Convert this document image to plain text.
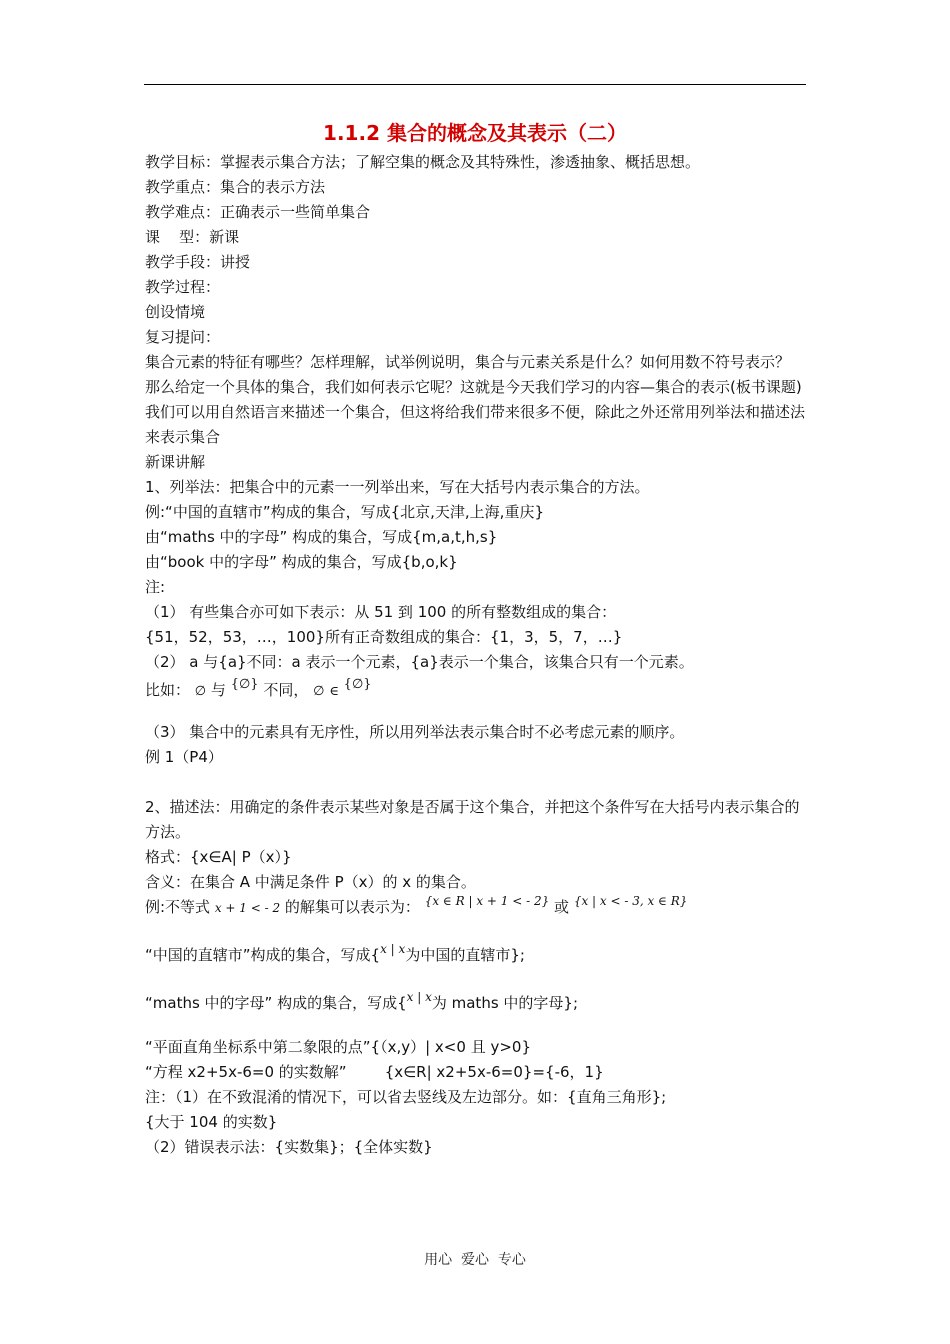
1.1.2 集合的概念及其表示（二）
教学目标：掌握表示集合方法；了解空集的概念及其特殊性，渗透抽象、概括思想。
教学重点：集合的表示方法
教学难点：正确表示一些简单集合
课    型：新课
教学手段：讲授
教学过程：
创设情境
复习提问：
集合元素的特征有哪些？怎样理解，试举例说明，集合与元素关系是什么？如何用数不符号表示？
那么给定一个具体的集合，我们如何表示它呢？这就是今天我们学习的内容—集合的表示(板书课题)
我们可以用自然语言来描述一个集合，但这将给我们带来很多不便，除此之外还常用列举法和描述法来表示集合
新课讲解
1、列举法：把集合中的元素一一列举出来，写在大括号内表示集合的方法。
例:“中国的直辖市”构成的集合，写成{北京,天津,上海,重庆}
由“maths 中的字母” 构成的集合，写成{m,a,t,h,s}
由“book 中的字母” 构成的集合，写成{b,o,k}
注:
（1） 有些集合亦可如下表示：从 51 到 100 的所有整数组成的集合：
{51，52，53，…，100}所有正奇数组成的集合：{1，3，5，7，…}
（2） a 与{a}不同：a 表示一个元素，{a}表示一个集合，该集合只有一个元素。
比如： ∅ 与 {∅} 不同， ∅ ∈ {∅}
（3） 集合中的元素具有无序性，所以用列举法表示集合时不必考虑元素的顺序。
例 1（P4）
2、描述法：用确定的条件表示某些对象是否属于这个集合，并把这个条件写在大括号内表示集合的方法。
格式：{x∈A| P（x）}
含义：在集合 A 中满足条件 P（x）的 x 的集合。
例:不等式 x + 1 < - 2 的解集可以表示为： $^{\{x \in R | x + 1 < - 2\}}$ 或 $^{\{x | x < - 3, x \in R\}}$
“中国的直辖市”构成的集合，写成{$^{x | x}$为中国的直辖市};
“maths 中的字母” 构成的集合，写成{$^{x | x}$为 maths 中的字母};
“平面直角坐标系中第二象限的点”{（x,y）| x<0 且 y>0}
“方程 x2+5x-6=0 的实数解”        {x∈R| x2+5x-6=0}={-6，1}
注：（1）在不致混淆的情况下，可以省去竖线及左边部分。如：{直角三角形};
{大于 104 的实数}
（2）错误表示法：{实数集}；{全体实数}
用心  爱心  专心
